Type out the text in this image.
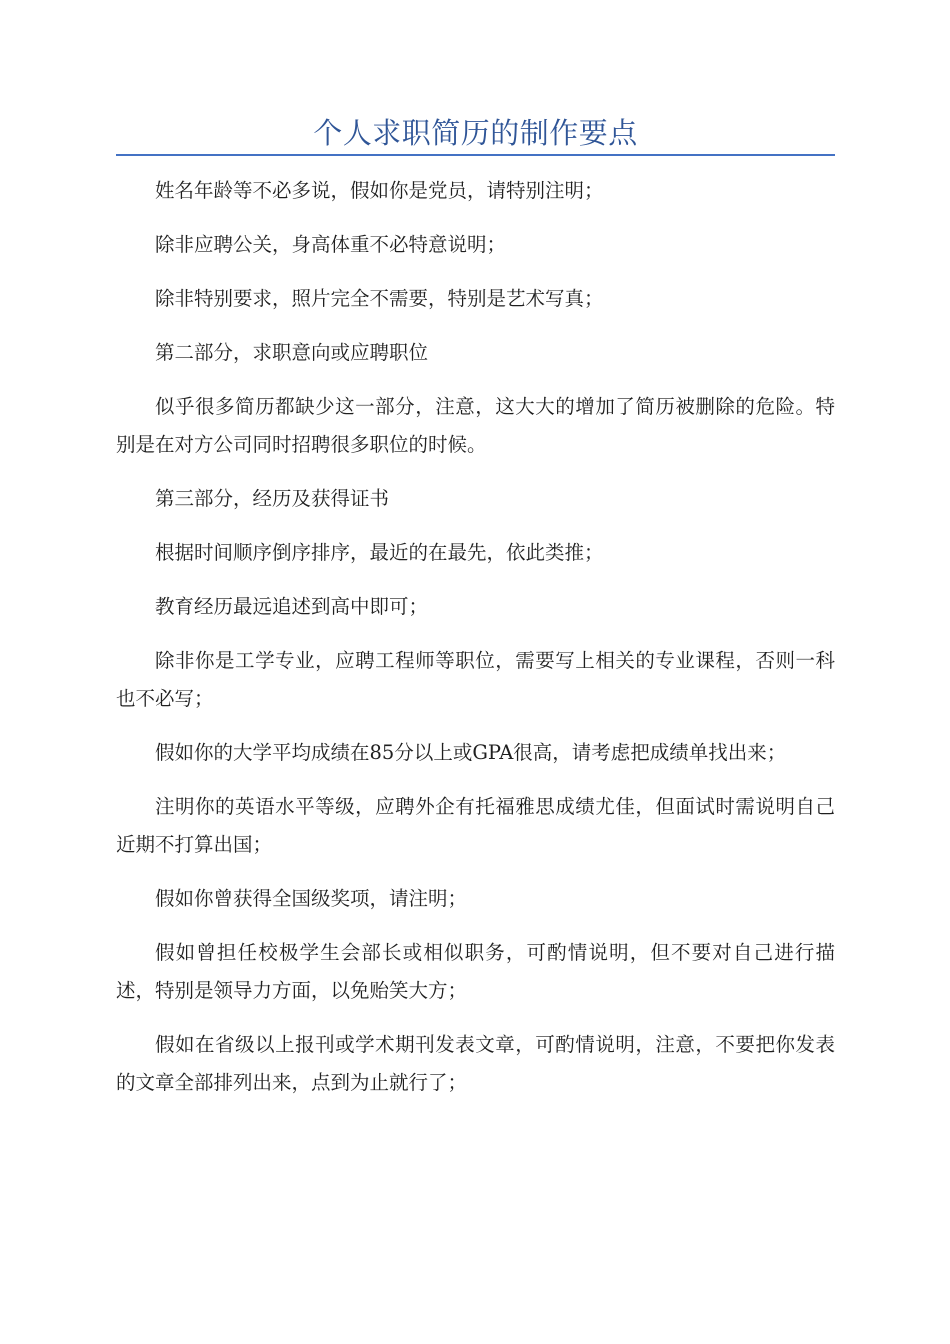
个人求职简历的制作要点

姓名年龄等不必多说，假如你是党员，请特别注明；

除非应聘公关，身高体重不必特意说明；

除非特别要求，照片完全不需要，特别是艺术写真；

第二部分，求职意向或应聘职位

似乎很多简历都缺少这一部分，注意，这大大的增加了简历被删除的危险。特别是在对方公司同时招聘很多职位的时候。

第三部分，经历及获得证书

根据时间顺序倒序排序，最近的在最先，依此类推；

教育经历最远追述到高中即可；

除非你是工学专业，应聘工程师等职位，需要写上相关的专业课程，否则一科也不必写；

假如你的大学平均成绩在85分以上或GPA很高，请考虑把成绩单找出来；

注明你的英语水平等级，应聘外企有托福雅思成绩尤佳，但面试时需说明自己近期不打算出国；

假如你曾获得全国级奖项，请注明；

假如曾担任校极学生会部长或相似职务，可酌情说明，但不要对自己进行描述，特别是领导力方面，以免贻笑大方；

假如在省级以上报刊或学术期刊发表文章，可酌情说明，注意，不要把你发表的文章全部排列出来，点到为止就行了；
